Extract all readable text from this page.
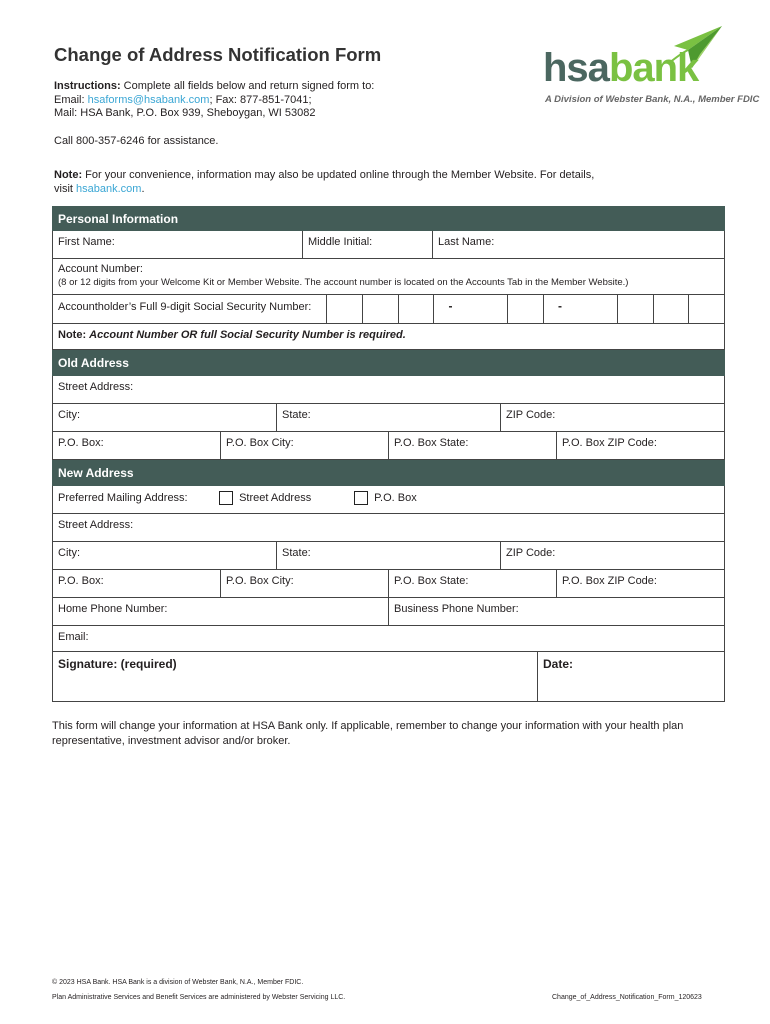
Change of Address Notification Form
Instructions: Complete all fields below and return signed form to:
Email: hsaforms@hsabank.com; Fax: 877-851-7041;
Mail: HSA Bank, P.O. Box 939, Sheboygan, WI 53082
Call 800-357-6246 for assistance.
Note: For your convenience, information may also be updated online through the Member Website. For details, visit hsabank.com.
hsabank
A Division of Webster Bank, N.A., Member FDIC
Personal Information
First Name:	Middle Initial:	Last Name:
Account Number:
(8 or 12 digits from your Welcome Kit or Member Website. The account number is located on the Accounts Tab in the Member Website.)
Accountholder’s Full 9-digit Social Security Number:	-	-
Note: Account Number OR full Social Security Number is required.
Old Address
Street Address:
City:	State:	ZIP Code:
P.O. Box:	P.O. Box City:	P.O. Box State:	P.O. Box ZIP Code:
New Address
Preferred Mailing Address:	Street Address	P.O. Box
Street Address:
City:	State:	ZIP Code:
P.O. Box:	P.O. Box City:	P.O. Box State:	P.O. Box ZIP Code:
Home Phone Number:	Business Phone Number:
Email:
Signature: (required)	Date:
This form will change your information at HSA Bank only. If applicable, remember to change your information with your health plan representative, investment advisor and/or broker.
© 2023 HSA Bank. HSA Bank is a division of Webster Bank, N.A., Member FDIC.
Plan Administrative Services and Benefit Services are administered by Webster Servicing LLC.	Change_of_Address_Notification_Form_120623
